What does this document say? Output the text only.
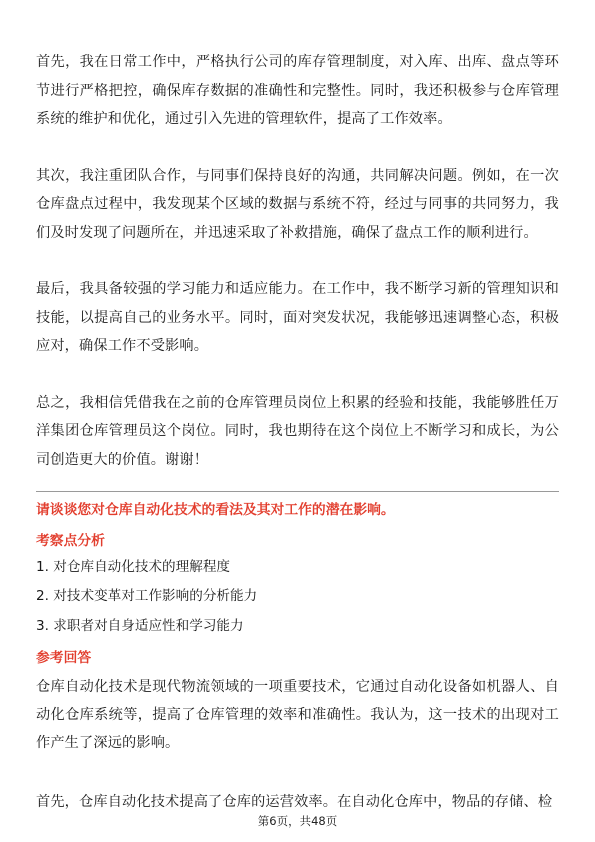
首先，我在日常工作中，严格执行公司的库存管理制度，对入库、出库、盘点等环节进行严格把控，确保库存数据的准确性和完整性。同时，我还积极参与仓库管理系统的维护和优化，通过引入先进的管理软件，提高了工作效率。

其次，我注重团队合作，与同事们保持良好的沟通，共同解决问题。例如，在一次仓库盘点过程中，我发现某个区域的数据与系统不符，经过与同事的共同努力，我们及时发现了问题所在，并迅速采取了补救措施，确保了盘点工作的顺利进行。

最后，我具备较强的学习能力和适应能力。在工作中，我不断学习新的管理知识和技能，以提高自己的业务水平。同时，面对突发状况，我能够迅速调整心态，积极应对，确保工作不受影响。

总之，我相信凭借我在之前的仓库管理员岗位上积累的经验和技能，我能够胜任万洋集团仓库管理员这个岗位。同时，我也期待在这个岗位上不断学习和成长，为公司创造更大的价值。谢谢！

请谈谈您对仓库自动化技术的看法及其对工作的潜在影响。
考察点分析
1. 对仓库自动化技术的理解程度
2. 对技术变革对工作影响的分析能力
3. 求职者对自身适应性和学习能力
参考回答

仓库自动化技术是现代物流领域的一项重要技术，它通过自动化设备如机器人、自动化仓库系统等，提高了仓库管理的效率和准确性。我认为，这一技术的出现对工作产生了深远的影响。

首先，仓库自动化技术提高了仓库的运营效率。在自动化仓库中，物品的存储、检

第6页，共48页
